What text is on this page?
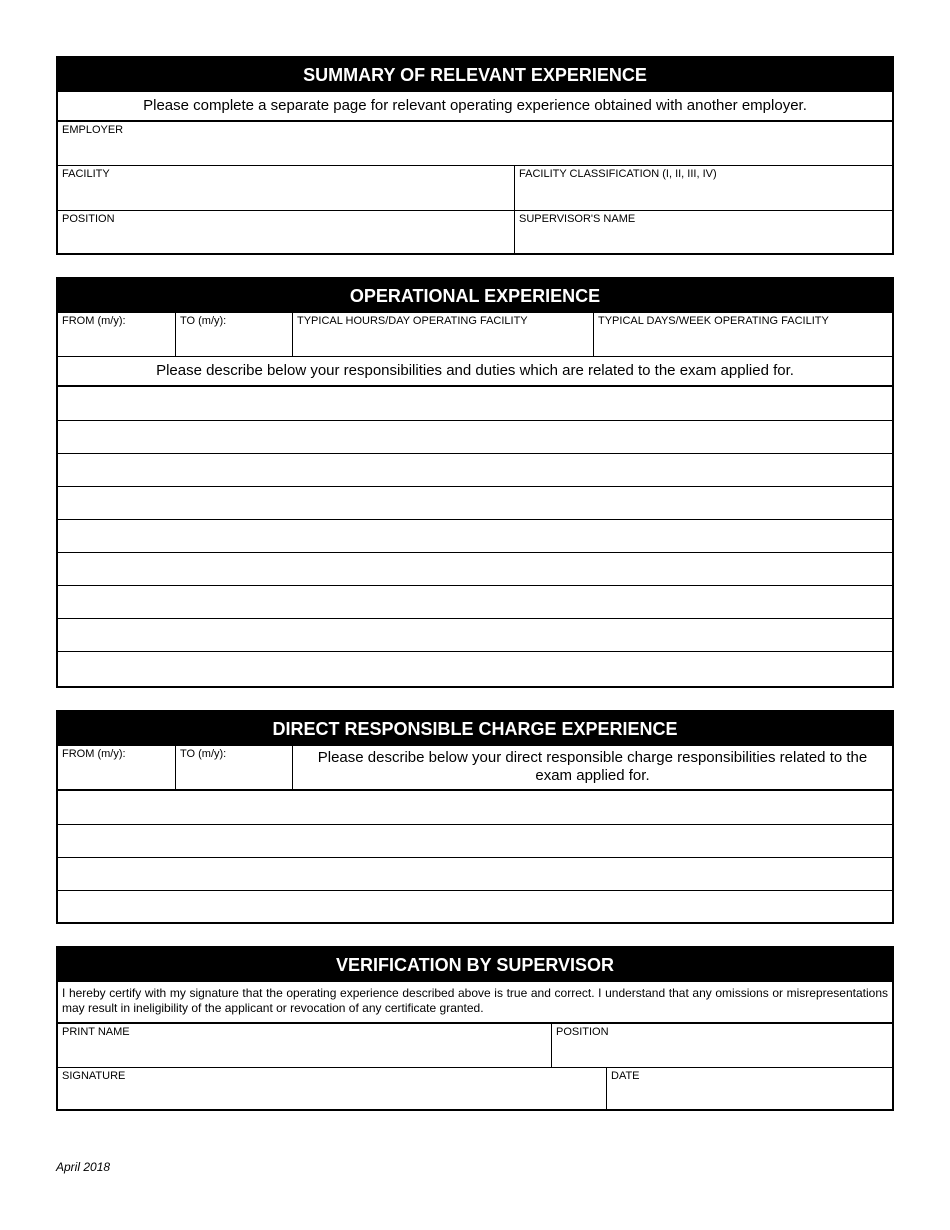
SUMMARY OF RELEVANT EXPERIENCE
Please complete a separate page for relevant operating experience obtained with another employer.
EMPLOYER
FACILITY	FACILITY CLASSIFICATION (I, II, III, IV)
POSITION	SUPERVISOR'S NAME
OPERATIONAL EXPERIENCE
FROM (m/y):	TO (m/y):	TYPICAL HOURS/DAY OPERATING FACILITY	TYPICAL DAYS/WEEK OPERATING FACILITY
Please describe below your responsibilities and duties which are related to the exam applied for.
DIRECT RESPONSIBLE CHARGE EXPERIENCE
FROM (m/y):	TO (m/y):	Please describe below your direct responsible charge responsibilities related to the exam applied for.
VERIFICATION BY SUPERVISOR
I hereby certify with my signature that the operating experience described above is true and correct. I understand that any omissions or misrepresentations may result in ineligibility of the applicant or revocation of any certificate granted.
PRINT NAME	POSITION
SIGNATURE	DATE
April 2018
